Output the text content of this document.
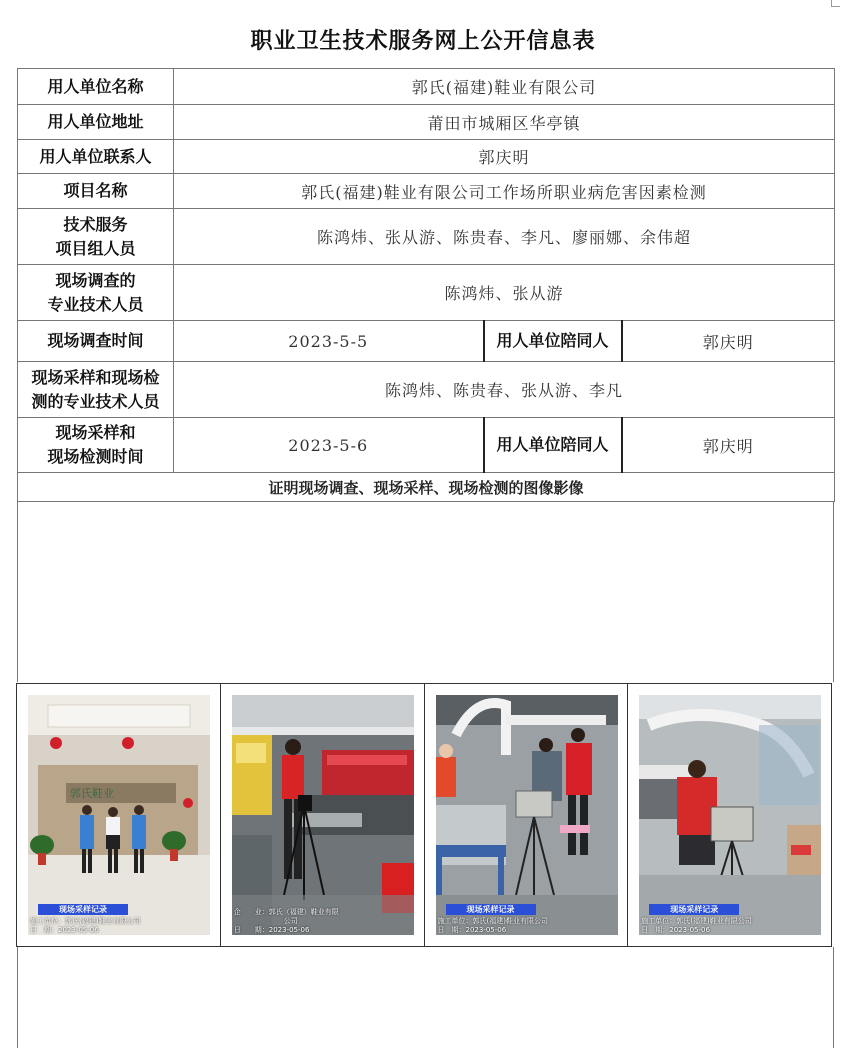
职业卫生技术服务网上公开信息表
用人单位名称	郭氏(福建)鞋业有限公司		
用人单位地址	莆田市城厢区华亭镇		
用人单位联系人	郭庆明		
项目名称	郭氏(福建)鞋业有限公司工作场所职业病危害因素检测		

技术服务
项目组人员	陈鸿炜、张从游、陈贵春、李凡、廖丽娜、余伟超		

现场调查的
专业技术人员	陈鸿炜、张从游		
现场调查时间	2023-5-5	用人单位陪同人	郭庆明

现场采样和现场检
测的专业技术人员	陈鸿炜、陈贵春、张从游、李凡		

现场采样和
现场检测时间	2023-5-6	用人单位陪同人	郭庆明
证明现场调查、现场采样、现场检测的图像影像			
郭氏鞋业
现场采样记录
施工单位：郭氏(福建)鞋业有限公司
日　期：2023-05-06
企　　业：郭氏（福建）鞋业有限
公司
日　　期：2023-05-06
现场采样记录
施工单位：郭氏(福建)鞋业有限公司
日　期：2023-05-06
现场采样记录
施工单位：郭氏(福建)鞋业有限公司
日　期：2023-05-06
